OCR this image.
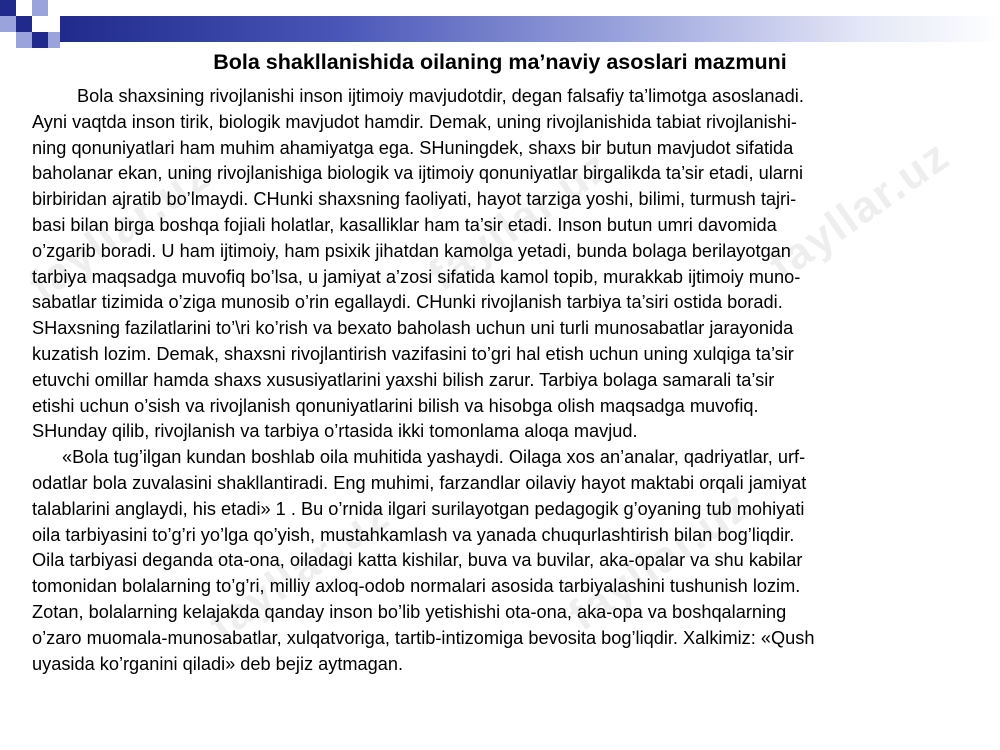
fayllar.uz	fayllar.uz	fayllar.uz
fayllar.uz	fayllar.uz
Bola shakllanishida oilaning ma’naviy asoslari mazmuni
Bola shaxsining rivojlanishi inson ijtimoiy mavjudotdir, degan falsafiy ta’limotga asoslanadi.
Ayni vaqtda inson tirik, biologik mavjudot hamdir. Demak, uning rivojlanishida tabiat rivojlanishi-
ning qonuniyatlari ham muhim ahamiyatga ega. SHuningdek, shaxs bir butun mavjudot sifatida
baholanar ekan, uning rivojlanishiga biologik va ijtimoiy qonuniyatlar birgalikda ta’sir etadi, ularni
birbiridan ajratib bo’lmaydi. CHunki shaxsning faoliyati, hayot tarziga yoshi, bilimi, turmush tajri-
basi bilan birga boshqa fojiali holatlar, kasalliklar ham ta’sir etadi. Inson butun umri davomida
o’zgarib boradi. U ham ijtimoiy, ham psixik jihatdan kamolga yetadi, bunda bolaga berilayotgan
tarbiya maqsadga muvofiq bo’lsa, u jamiyat a’zosi sifatida kamol topib, murakkab ijtimoiy muno-
sabatlar tizimida o’ziga munosib o’rin egallaydi. CHunki rivojlanish tarbiya ta’siri ostida boradi.
SHaxsning fazilatlarini to’\ri ko’rish va bexato baholash uchun uni turli munosabatlar jarayonida
kuzatish lozim. Demak, shaxsni rivojlantirish vazifasini to’gri hal etish uchun uning xulqiga ta’sir
etuvchi omillar hamda shaxs xususiyatlarini yaxshi bilish zarur. Tarbiya bolaga samarali ta’sir
etishi uchun o’sish va rivojlanish qonuniyatlarini bilish va hisobga olish maqsadga muvofiq.
SHunday qilib, rivojlanish va tarbiya o’rtasida ikki tomonlama aloqa mavjud.
«Bola tug’ilgan kundan boshlab oila muhitida yashaydi. Oilaga xos an’analar, qadriyatlar, urf-
odatlar bola zuvalasini shakllantiradi. Eng muhimi, farzandlar oilaviy hayot maktabi orqali jamiyat
talablarini anglaydi, his etadi» 1 . Bu o’rnida ilgari surilayotgan pedagogik g’oyaning tub mohiyati
oila tarbiyasini to’g’ri yo’lga qo’yish, mustahkamlash va yanada chuqurlashtirish bilan bog’liqdir.
Oila tarbiyasi deganda ota-ona, oiladagi katta kishilar, buva va buvilar, aka-opalar va shu kabilar
tomonidan bolalarning to’g’ri, milliy axloq-odob normalari asosida tarbiyalashini tushunish lozim.
Zotan, bolalarning kelajakda qanday inson bo’lib yetishishi ota-ona, aka-opa va boshqalarning
o’zaro muomala-munosabatlar, xulqatvoriga, tartib-intizomiga bevosita bog’liqdir. Xalkimiz: «Qush
uyasida ko’rganini qiladi» deb bejiz aytmagan.
